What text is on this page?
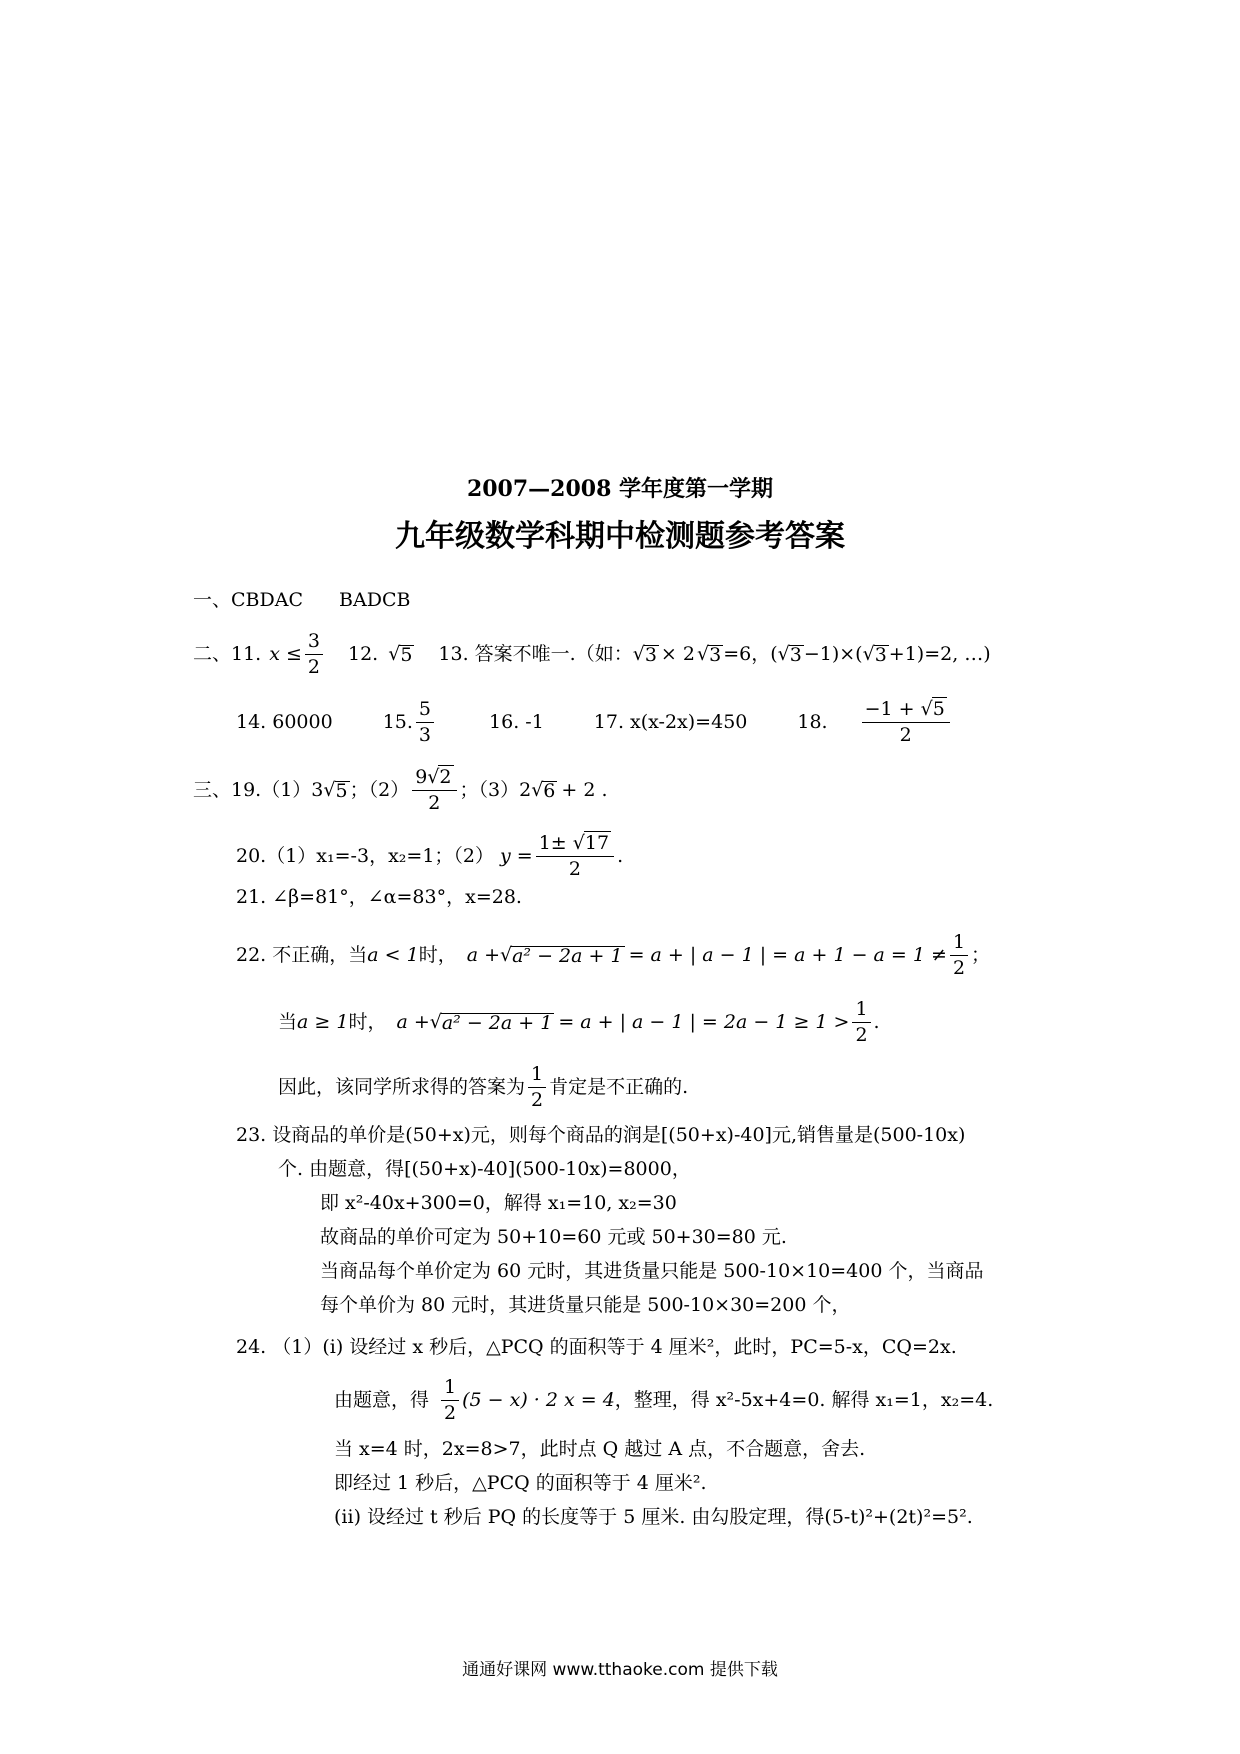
2007—2008 学年度第一学期
九年级数学科期中检测题参考答案
一、CBDAC BADCB
二、11. $x \le \frac{3}{2} 12$. √ 5 13. 答案不唯一.（如： √ 3 × 2 √ 3 =6，( √ 3 −1)×( √ 3 +1)=2, …)
14. 60000	15. $\frac{5}{3}$	16. -1	17. x(x-2x)=450	18. $\frac{-1 + √5}{2}$
三、19.（1）3 √ 5 ；$(2) \frac{9√2}{2}$ ；（3）2 √ 6 + 2 .
20.（1）x₁=-3，x₂=1；（2） $y = \frac{1\pm √17}{2}$ .
21. ∠β=81°，∠α=83°，x=28.
22. 不正确，当 a < 1 时， a + √ a² − 2a + 1 = a + | a − 1 | = $a + 1 - a = 1 \ne \frac{1}{2}$ ；
当 a ≥ 1 时， a + √ a² − 2a + 1 = a + | a − 1 | = $2a - 1 \ge 1 > \frac{1}{2}$ .
因此，该同学所求得的答案为 $\frac{1}{2}$ 肯定是不正确的.
23. 设商品的单价是(50+x)元，则每个商品的润是[(50+x)-40]元,销售量是(500-10x)
个. 由题意，得[(50+x)-40](500-10x)=8000，
即 x²-40x+300=0，解得 x₁=10, x₂=30
故商品的单价可定为 50+10=60 元或 50+30=80 元.
当商品每个单价定为 60 元时，其进货量只能是 500-10×10=400 个，当商品
每个单价为 80 元时，其进货量只能是 500-10×30=200 个，
24. （1）(i) 设经过 x 秒后，△PCQ 的面积等于 4 厘米²，此时，PC=5-x，CQ=2x.
由题意，得 $\frac{1}{2} (5 - x) \cdot 2$ x = 4 ，整理，得 x²-5x+4=0. 解得 x₁=1，x₂=4.
当 x=4 时，2x=8>7，此时点 Q 越过 A 点，不合题意，舍去.
即经过 1 秒后，△PCQ 的面积等于 4 厘米².
(ii) 设经过 t 秒后 PQ 的长度等于 5 厘米. 由勾股定理，得(5-t)²+(2t)²=5².
通通好课网 www.tthaoke.com 提供下载
